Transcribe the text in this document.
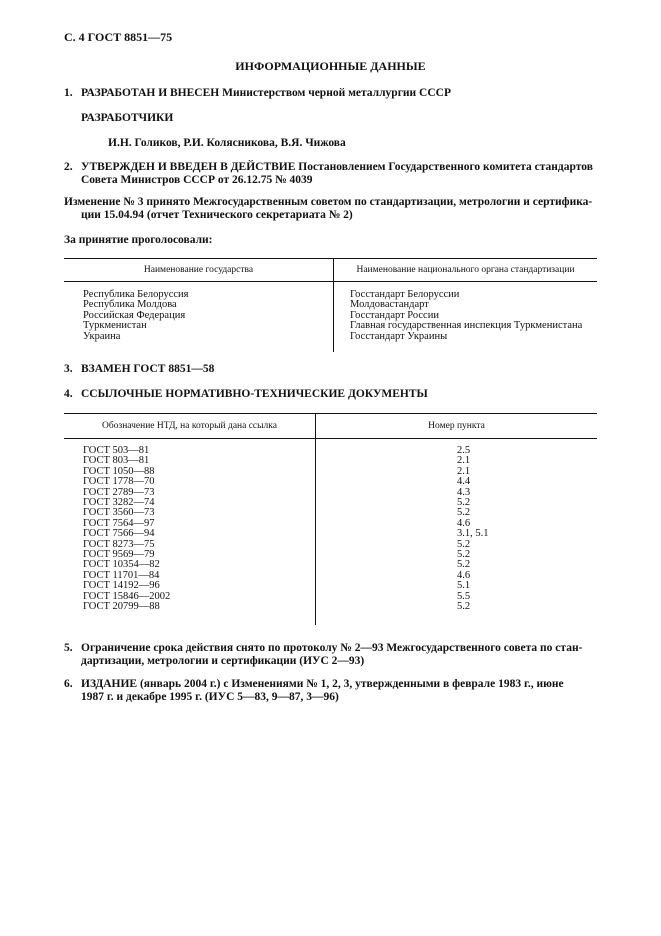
С. 4 ГОСТ 8851—75
ИНФОРМАЦИОННЫЕ ДАННЫЕ
1. РАЗРАБОТАН И ВНЕСЕН Министерством черной металлургии СССР
РАЗРАБОТЧИКИ
И.Н. Голиков, Р.И. Колясникова, В.Я. Чижова
2. УТВЕРЖДЕН И ВВЕДЕН В ДЕЙСТВИЕ Постановлением Государственного комитета стандартов
Совета Министров СССР от 26.12.75 № 4039
Изменение № 3 принято Межгосударственным советом по стандартизации, метрологии и сертифика-
ции 15.04.94 (отчет Технического секретариата № 2)
За принятие проголосовали:
Наименование государства	Наименование национального органа стандартизации
Республика Белоруссия
Республика Молдова
Российская Федерация
Туркменистан
Украина
Госстандарт Белоруссии
Молдовастандарт
Госстандарт России
Главная государственная инспекция Туркменистана
Госстандарт Украины
3. ВЗАМЕН ГОСТ 8851—58
4. ССЫЛОЧНЫЕ НОРМАТИВНО-ТЕХНИЧЕСКИЕ ДОКУМЕНТЫ
Обозначение НТД, на который дана ссылка	Номер пункта
ГОСТ 503—81
ГОСТ 803—81
ГОСТ 1050—88
ГОСТ 1778—70
ГОСТ 2789—73
ГОСТ 3282—74
ГОСТ 3560—73
ГОСТ 7564—97
ГОСТ 7566—94
ГОСТ 8273—75
ГОСТ 9569—79
ГОСТ 10354—82
ГОСТ 11701—84
ГОСТ 14192—96
ГОСТ 15846—2002
ГОСТ 20799—88
2.5
2.1
2.1
4.4
4.3
5.2
5.2
4.6
3.1, 5.1
5.2
5.2
5.2
4.6
5.1
5.5
5.2
5. Ограничение срока действия снято по протоколу № 2—93 Межгосударственного совета по стан-
дартизации, метрологии и сертификации (ИУС 2—93)
6. ИЗДАНИЕ (январь 2004 г.) с Изменениями № 1, 2, 3, утвержденными в феврале 1983 г., июне
1987 г. и декабре 1995 г. (ИУС 5—83, 9—87, 3—96)
